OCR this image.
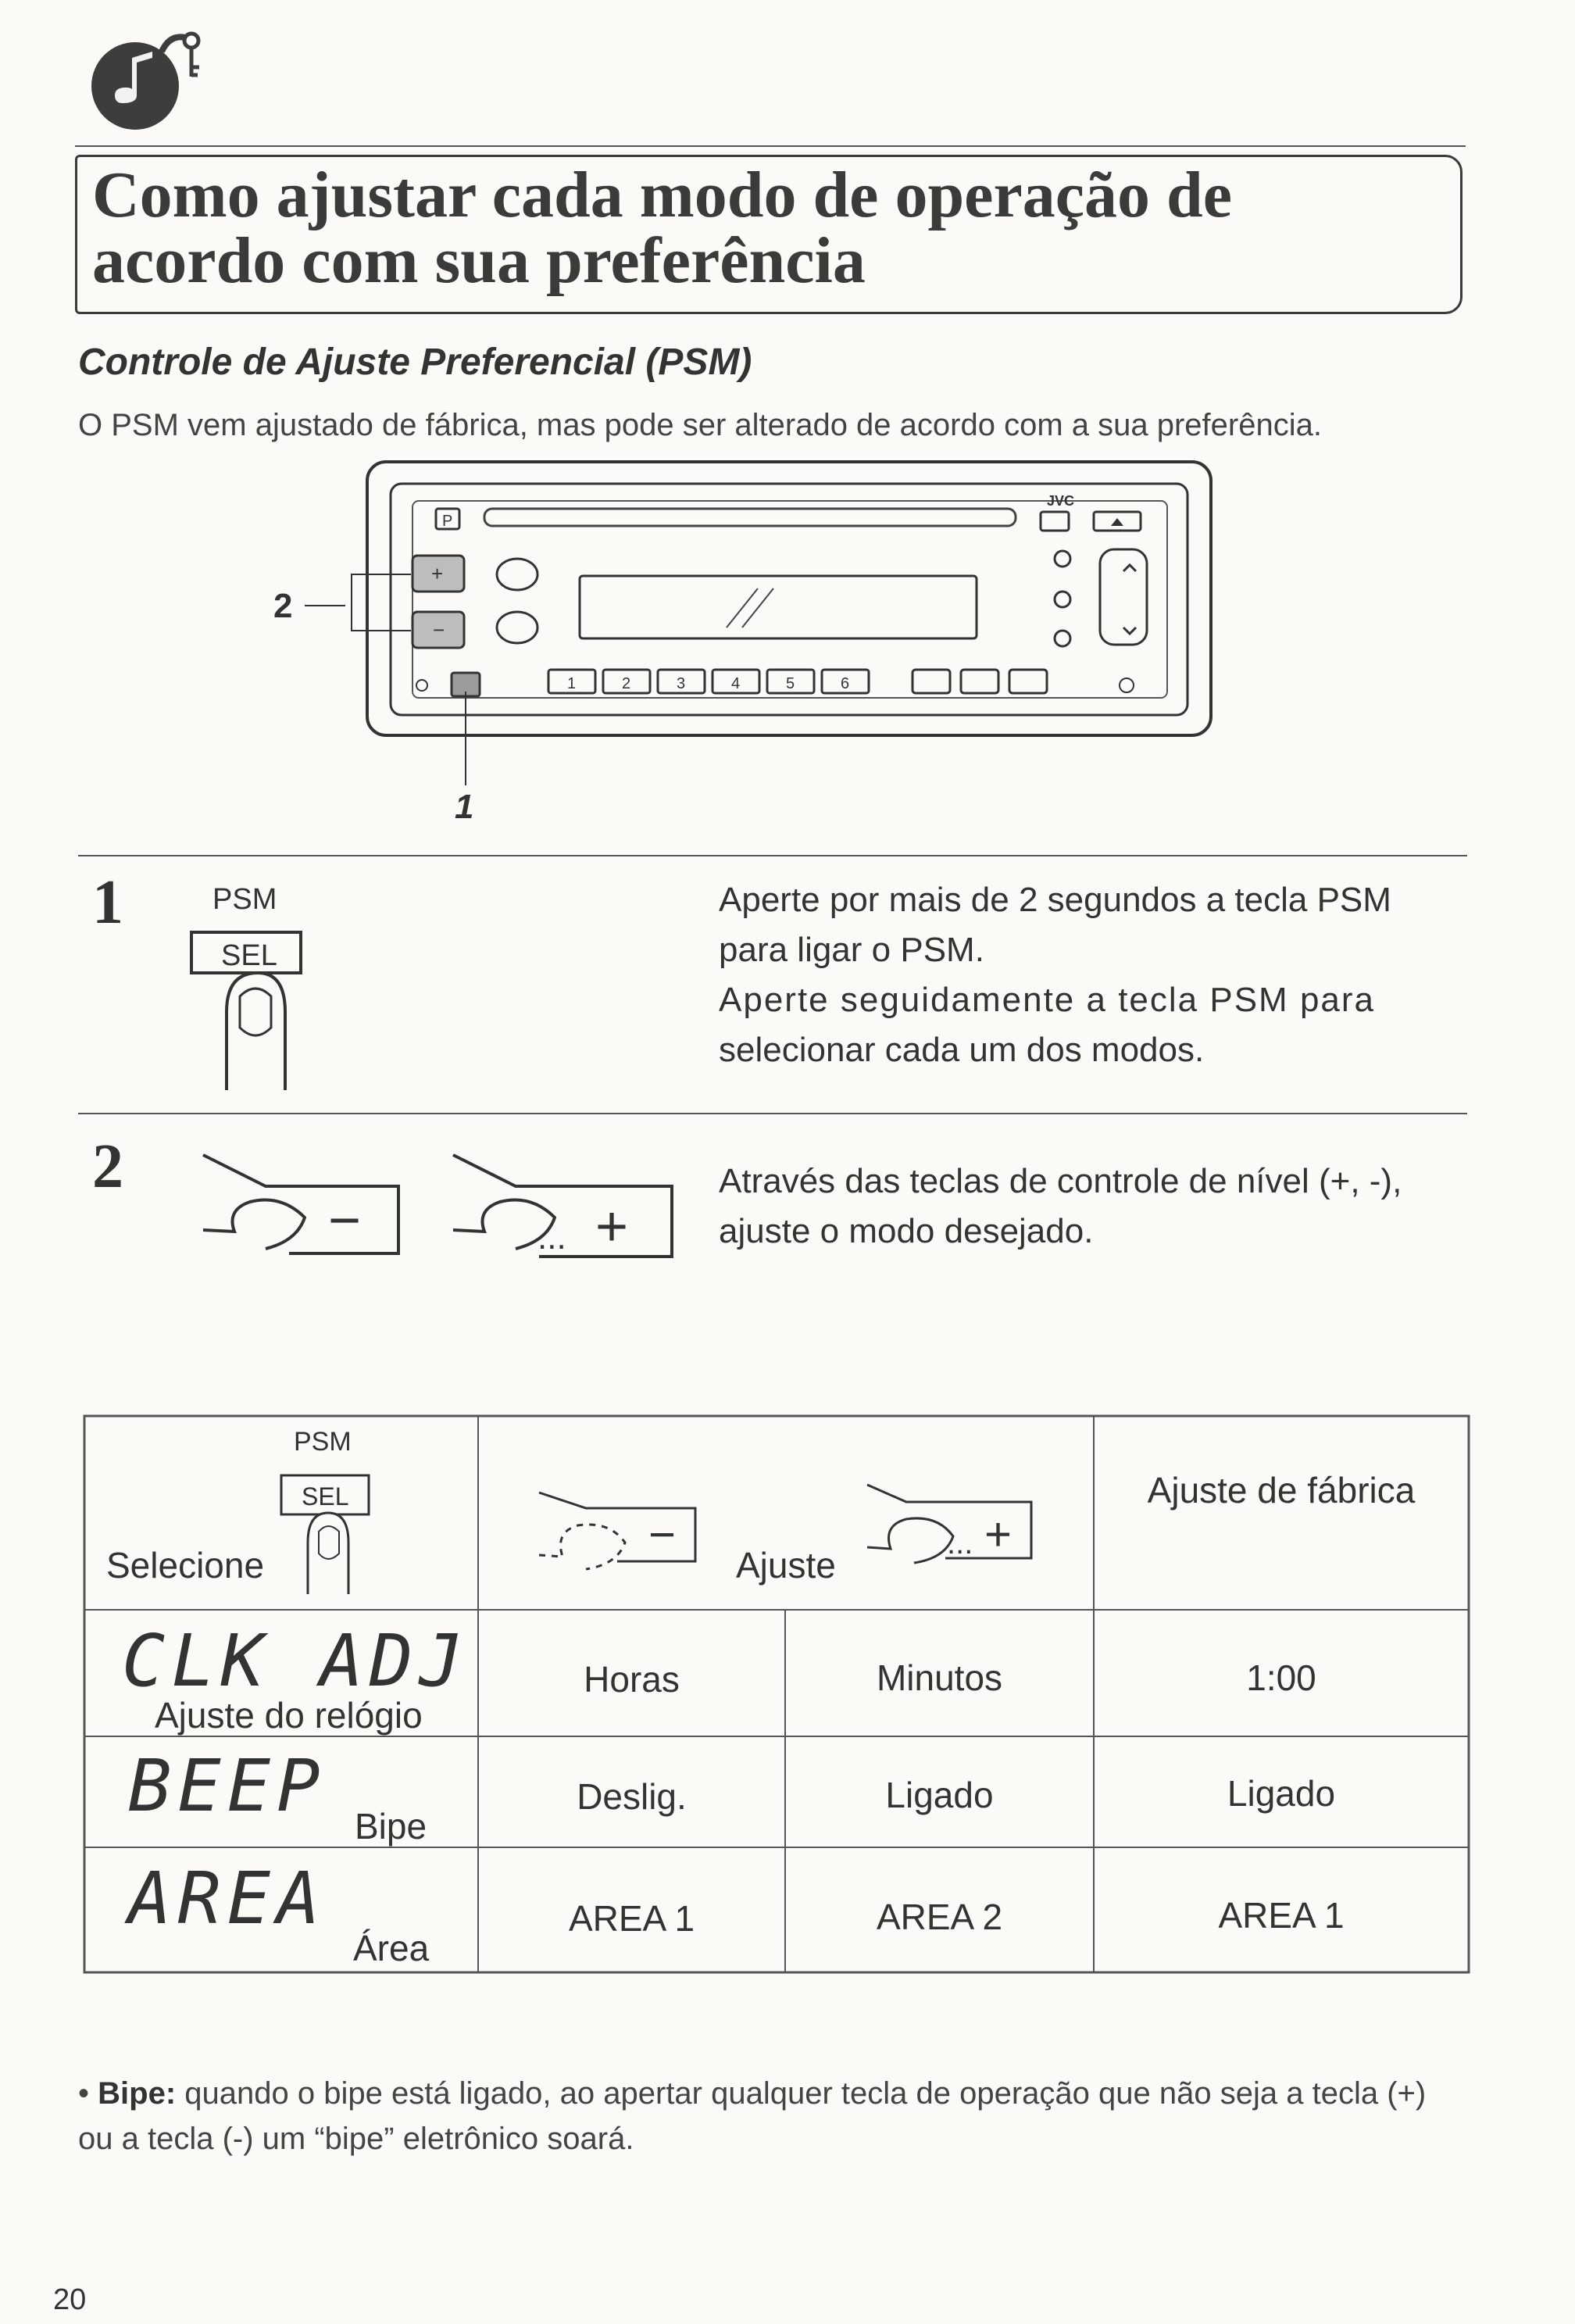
Como ajustar cada modo de operação de
acordo com sua preferência
Controle de Ajuste Preferencial (PSM)
O PSM vem ajustado de fábrica, mas pode ser alterado de acordo com a sua preferência.
P
JVC
+
−
1	2	3	4	5	6
2
1
1	PSM
SEL
Aperte por mais de 2 segundos a tecla PSM
para ligar o PSM.
Aperte seguidamente a tecla PSM para
selecionar cada um dos modos.
2
−	... +
Através das teclas de controle de nível (+, -),
ajuste o modo desejado.
PSM
SEL
Selecione
−
Ajuste
... +
Ajuste de fábrica
CLK ADJ
Ajuste do relógio
Horas	Minutos	1:00
BEEP Bipe
Deslig.	Ligado	Ligado
AREA
Área
AREA 1	AREA 2	AREA 1
• Bipe: quando o bipe está ligado, ao apertar qualquer tecla de operação que não seja a tecla (+) ou a tecla (-) um “bipe” eletrônico soará.
20
